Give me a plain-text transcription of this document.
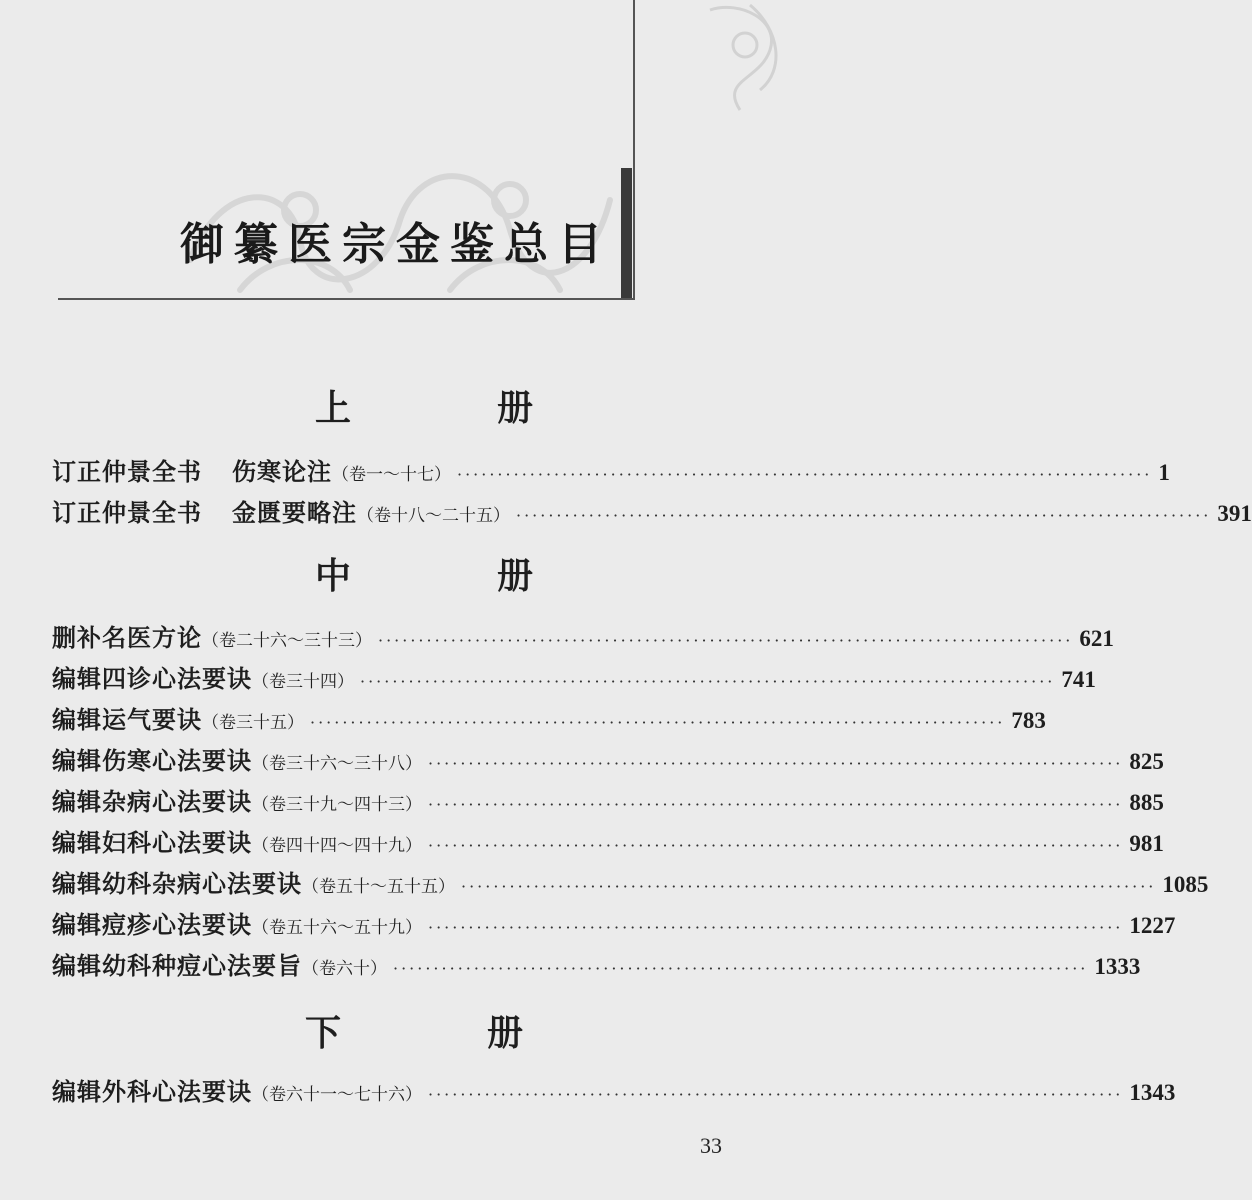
御纂医宗金鉴总目
上　册
订正仲景全书 伤寒论注 （卷一～十七） ······················································································ 1
订正仲景全书 金匮要略注 （卷十八～二十五） ······················································································ 391
中　册
删补名医方论 （卷二十六～三十三） ······················································································ 621
编辑四诊心法要诀 （卷三十四） ······················································································ 741
编辑运气要诀 （卷三十五） ······················································································ 783
编辑伤寒心法要诀 （卷三十六～三十八） ······················································································ 825
编辑杂病心法要诀 （卷三十九～四十三） ······················································································ 885
编辑妇科心法要诀 （卷四十四～四十九） ······················································································ 981
编辑幼科杂病心法要诀 （卷五十～五十五） ······················································································ 1085
编辑痘疹心法要诀 （卷五十六～五十九） ······················································································ 1227
编辑幼科种痘心法要旨 （卷六十） ······················································································ 1333
下　册
编辑外科心法要诀 （卷六十一～七十六） ······················································································ 1343
33
